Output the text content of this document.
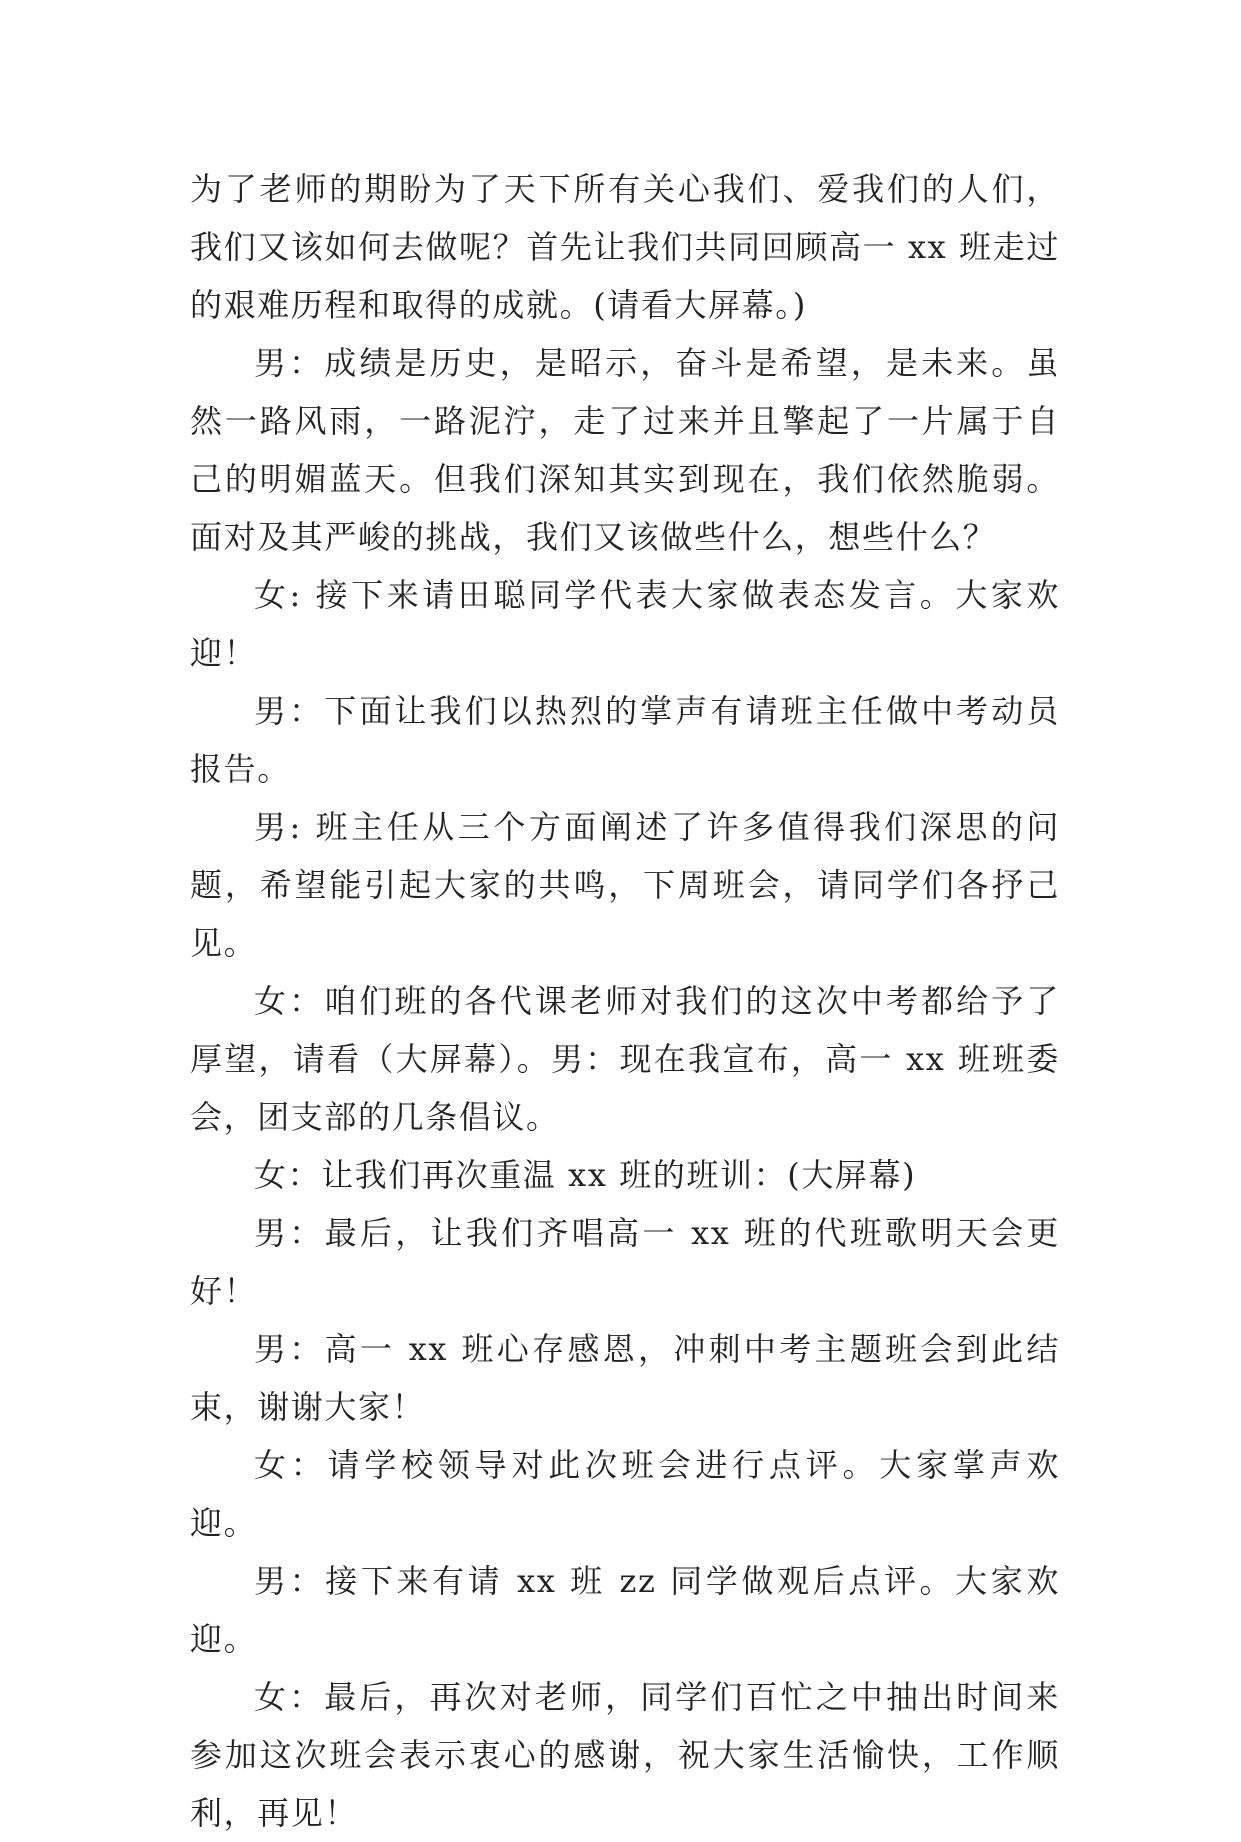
为了老师的期盼为了天下所有关心我们、爱我们的人们，我们又该如何去做呢？首先让我们共同回顾高一 xx 班走过的艰难历程和取得的成就。(请看大屏幕。)

男：成绩是历史，是昭示，奋斗是希望，是未来。虽然一路风雨，一路泥泞，走了过来并且擎起了一片属于自己的明媚蓝天。但我们深知其实到现在，我们依然脆弱。面对及其严峻的挑战，我们又该做些什么，想些什么？

女: 接下来请田聪同学代表大家做表态发言。大家欢迎！

男：下面让我们以热烈的掌声有请班主任做中考动员报告。

男: 班主任从三个方面阐述了许多值得我们深思的问题，希望能引起大家的共鸣，下周班会，请同学们各抒己见。

女：咱们班的各代课老师对我们的这次中考都给予了厚望，请看（大屏幕）。男：现在我宣布，高一 xx 班班委会，团支部的几条倡议。

女：让我们再次重温 xx 班的班训：(大屏幕)

男：最后，让我们齐唱高一 xx 班的代班歌明天会更好！

男：高一 xx 班心存感恩，冲刺中考主题班会到此结束，谢谢大家！

女：请学校领导对此次班会进行点评。大家掌声欢迎。

男：接下来有请 xx 班 zz 同学做观后点评。大家欢迎。

女：最后，再次对老师，同学们百忙之中抽出时间来参加这次班会表示衷心的感谢，祝大家生活愉快，工作顺利，再见！
